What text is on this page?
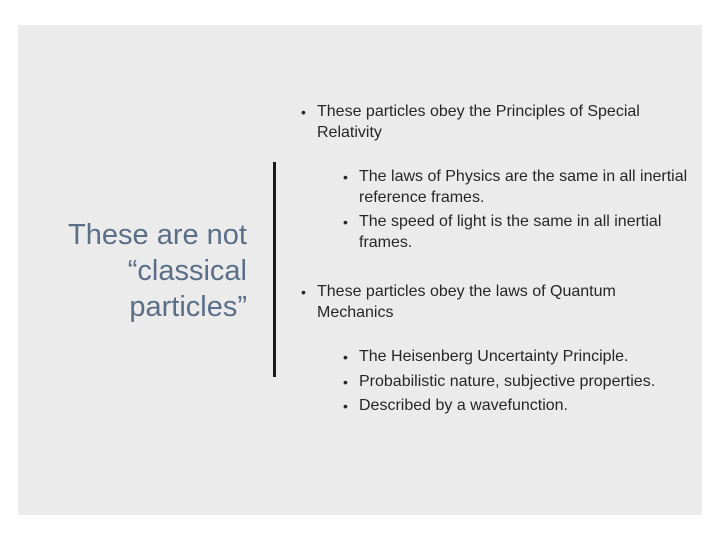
These are not “classical particles”
• These particles obey the Principles of Special Relativity
• The laws of Physics are the same in all inertial reference frames.
• The speed of light is the same in all inertial frames.
• These particles obey the laws of Quantum Mechanics
• The Heisenberg Uncertainty Principle.
• Probabilistic nature, subjective properties.
• Described by a wavefunction.
